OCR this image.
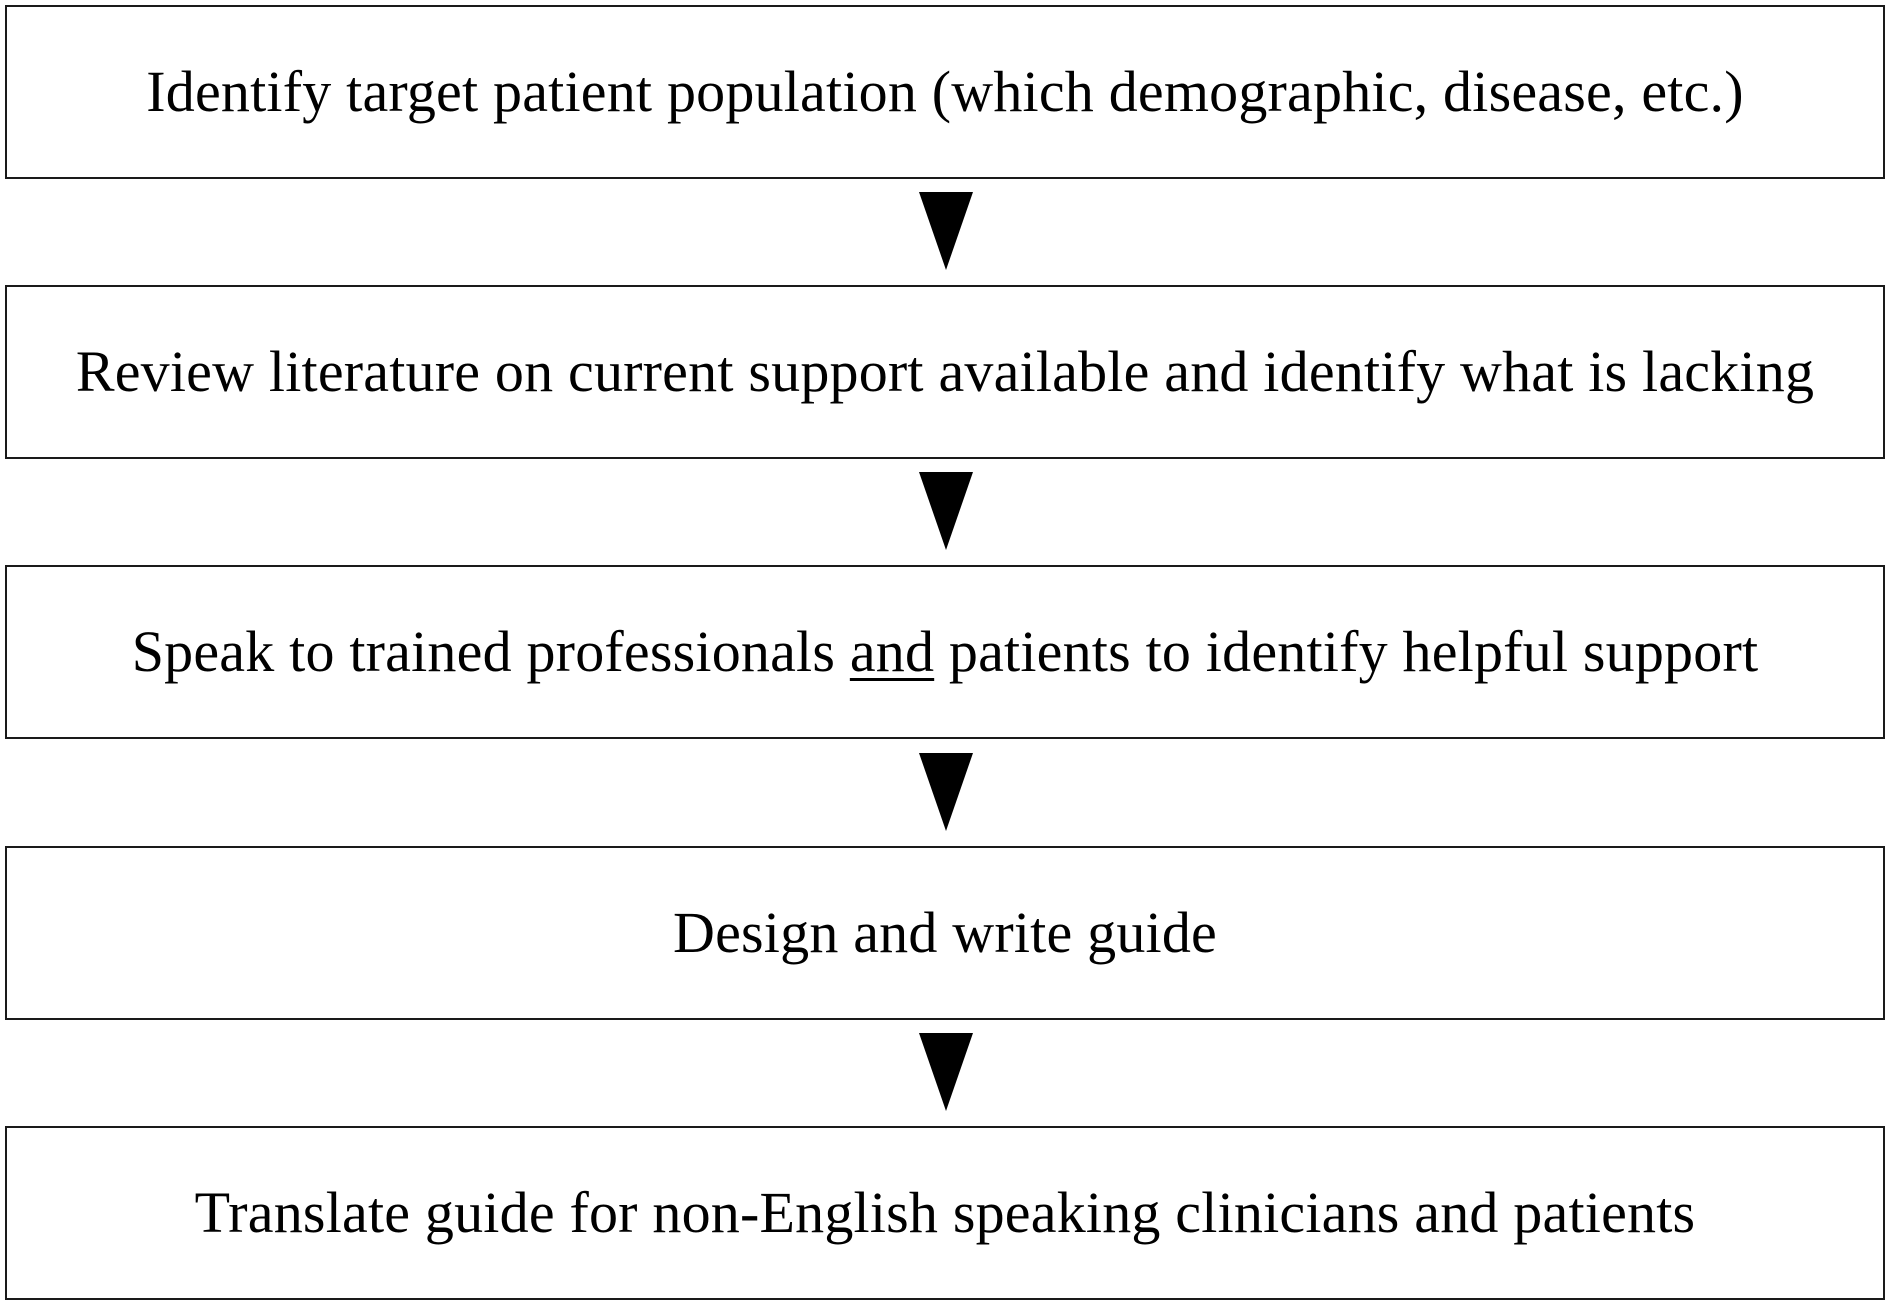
Identify target patient population (which demographic, disease, etc.)
Review literature on current support available and identify what is lacking
Speak to trained professionals and patients to identify helpful support
Design and write guide
Translate guide for non-English speaking clinicians and patients
